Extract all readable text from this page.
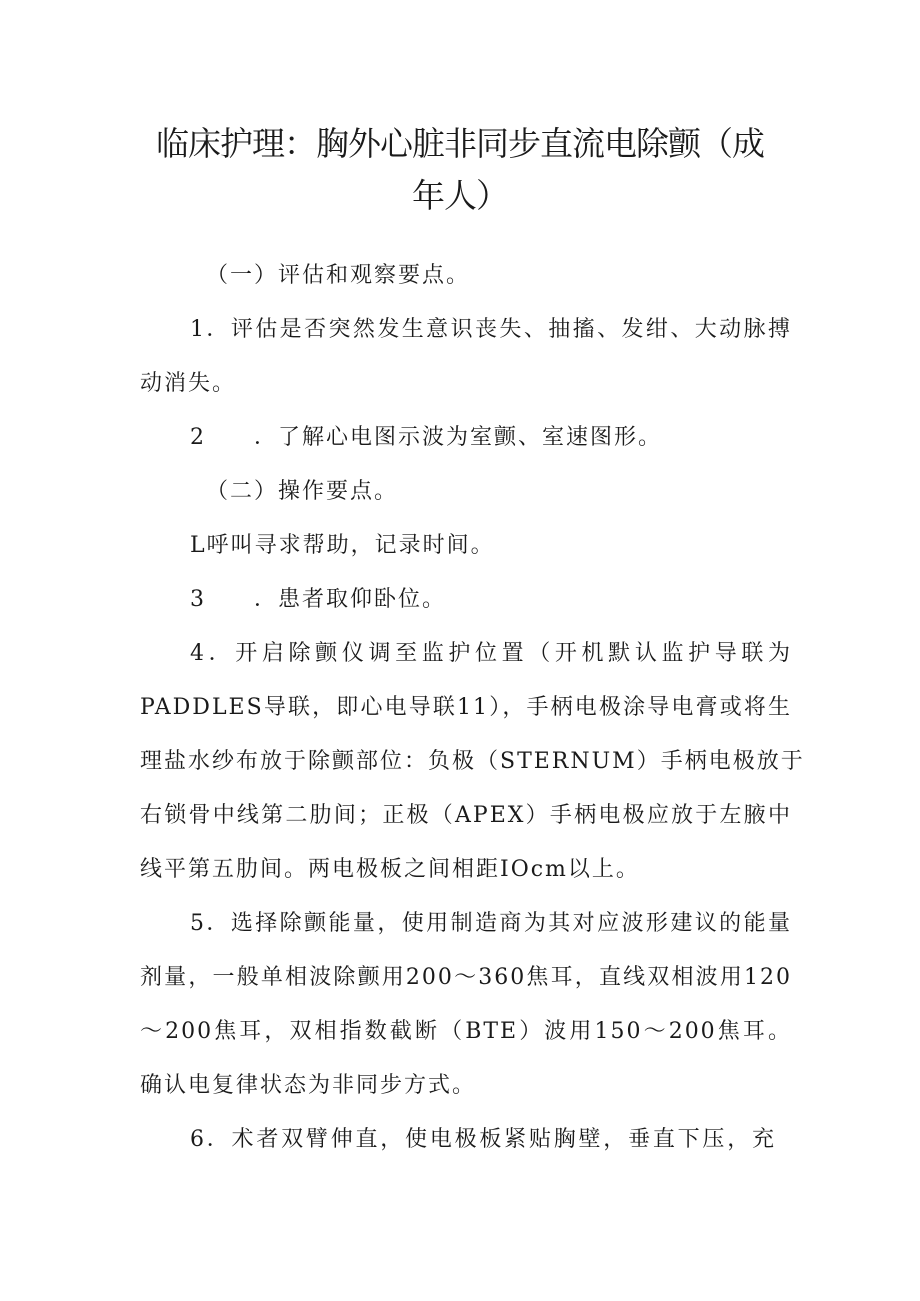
临床护理：胸外心脏非同步直流电除颤（成
年人）
（一）评估和观察要点。
1．评估是否突然发生意识丧失、抽搐、发绀、大动脉搏
动消失。
2　　．了解心电图示波为室颤、室速图形。
（二）操作要点。
L呼叫寻求帮助，记录时间。
3　　．患者取仰卧位。
4．开启除颤仪调至监护位置（开机默认监护导联为
PADDLES导联，即心电导联11），手柄电极涂导电膏或将生
理盐水纱布放于除颤部位：负极（STERNUM）手柄电极放于
右锁骨中线第二肋间；正极（APEX）手柄电极应放于左腋中
线平第五肋间。两电极板之间相距IOcm以上。
5．选择除颤能量，使用制造商为其对应波形建议的能量
剂量，一般单相波除颤用200～360焦耳，直线双相波用120
～200焦耳，双相指数截断（BTE）波用150～200焦耳。
确认电复律状态为非同步方式。
6．术者双臂伸直，使电极板紧贴胸壁，垂直下压，充
